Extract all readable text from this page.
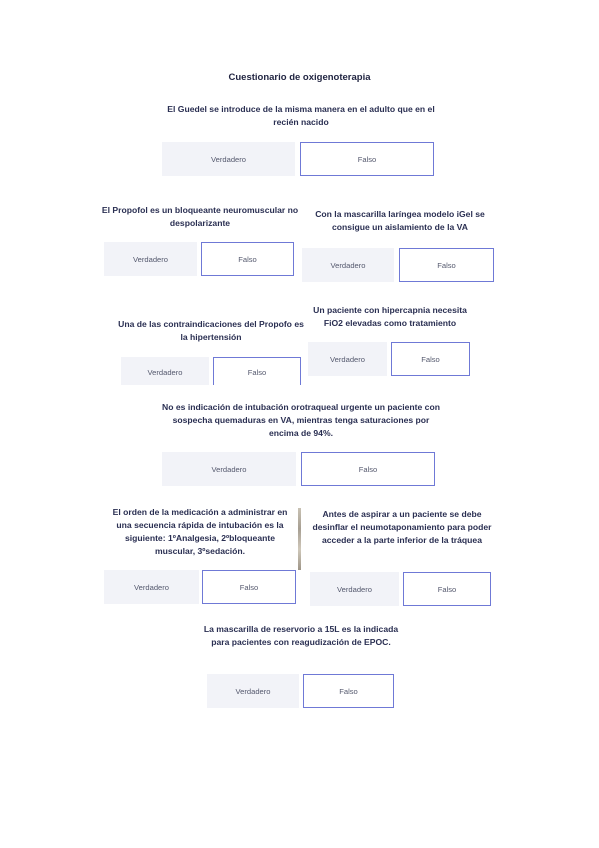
Cuestionario de oxigenoterapia
El Guedel se introduce de la misma manera en el adulto que en el recién nacido
Verdadero	Falso
El Propofol es un bloqueante neuromuscular no despolarizante
Verdadero	Falso
Con la mascarilla laríngea modelo iGel se consigue un aislamiento de la VA
Verdadero	Falso
Una de las contraindicaciones del Propofo es la hipertensión
Verdadero	Falso
Un paciente con hipercapnia necesita FiO2 elevadas como tratamiento
Verdadero	Falso
No es indicación de intubación orotraqueal urgente un paciente con sospecha quemaduras en VA, mientras tenga saturaciones por encima de 94%.
Verdadero	Falso
El orden de la medicación a administrar en una secuencia rápida de intubación es la siguiente: 1ºAnalgesia, 2ºbloqueante muscular, 3ºsedación.
Verdadero	Falso
Antes de aspirar a un paciente se debe desinflar el neumotaponamiento para poder acceder a la parte inferior de la tráquea
Verdadero	Falso
La mascarilla de reservorio a 15L es la indicada para pacientes con reagudización de EPOC.
Verdadero	Falso
